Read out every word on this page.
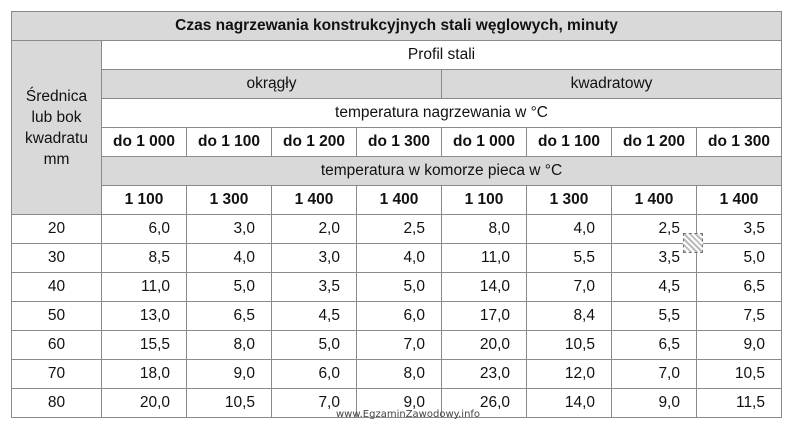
Czas nagrzewania konstrukcyjnych stali węglowych, minuty								

Średnica
lub bok
kwadratu
mm	Profil stali							
	okrągły				kwadratowy			
	temperatura nagrzewania w °C							
	do 1 000	do 1 100	do 1 200	do 1 300	do 1 000	do 1 100	do 1 200	do 1 300
	temperatura w komorze pieca w °C							
	1 100	1 300	1 400	1 400	1 100	1 300	1 400	1 400
20	6,0	3,0	2,0	2,5	8,0	4,0	2,5	3,5
30	8,5	4,0	3,0	4,0	11,0	5,5	3,5	5,0
40	11,0	5,0	3,5	5,0	14,0	7,0	4,5	6,5
50	13,0	6,5	4,5	6,0	17,0	8,4	5,5	7,5
60	15,5	8,0	5,0	7,0	20,0	10,5	6,5	9,0
70	18,0	9,0	6,0	8,0	23,0	12,0	7,0	10,5
80	20,0	10,5	7,0	9,0	26,0	14,0	9,0	11,5
www.EgzaminZawodowy.info
